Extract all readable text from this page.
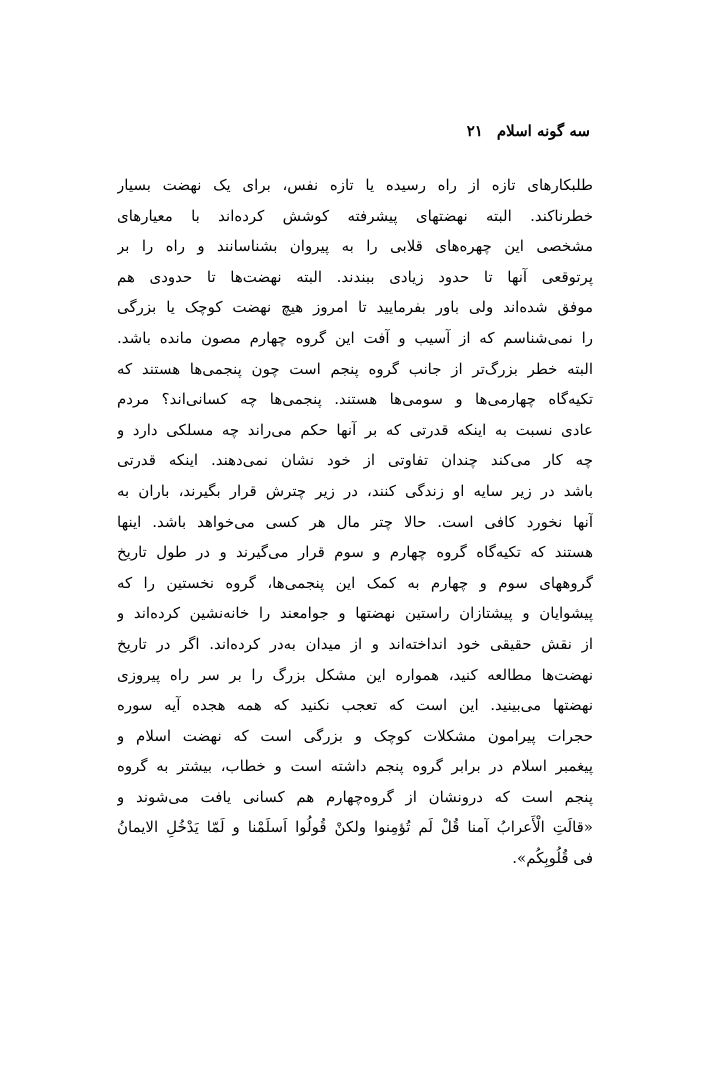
سه گونه اسلام۲۱
طلبکارهای تازه از راه رسیده یا تازه نفس، برای یک نهضت بسیار
خطرناکند. البته نهضتهای پیشرفته کوشش کرده‌اند با معیارهای
مشخصی این چهره‌های قلابی را به پیروان بشناسانند و راه را بر
پرتوقعی آنها تا حدود زیادی ببندند. البته نهضت‌ها تا حدودی هم
موفق شده‌اند ولی باور بفرمایید تا امروز هیچ نهضت کوچک یا بزرگی
را نمی‌شناسم که از آسیب و آفت این گروه چهارم مصون مانده باشد.
البته خطر بزرگ‌تر از جانب گروه پنجم است چون پنجمی‌ها هستند که
تکیه‌گاه چهارمی‌ها و سومی‌ها هستند. پنجمی‌ها چه کسانی‌اند؟ مردم
عادی نسبت به اینکه قدرتی که بر آنها حکم می‌راند چه مسلکی دارد و
چه کار می‌کند چندان تفاوتی از خود نشان نمی‌دهند. اینکه قدرتی
باشد در زیر سایه او زندگی کنند، در زیر چترش قرار بگیرند، باران به
آنها نخورد کافی است. حالا چتر مال هر کسی می‌خواهد باشد. اینها
هستند که تکیه‌گاه گروه چهارم و سوم قرار می‌گیرند و در طول تاریخ
گروههای سوم و چهارم به کمک این پنجمی‌ها، گروه نخستین را که
پیشوایان و پیشتازان راستین نهضتها و جوامعند را خانه‌نشین کرده‌اند و
از نقش حقیقی خود انداخته‌اند و از میدان به‌در کرده‌اند. اگر در تاریخ
نهضت‌ها مطالعه کنید، همواره این مشکل بزرگ را بر سر راه پیروزی
نهضتها می‌بینید. این است که تعجب نکنید که همه هجده آیه سوره
حجرات پیرامون مشکلات کوچک و بزرگی است که نهضت اسلام و
پیغمبر اسلام در برابر گروه پنجم داشته است و خطاب، بیشتر به گروه
پنجم است که درونشان از گروه‌چهارم هم کسانی یافت می‌شوند و
«قالَتِ الْأَعرابُ آمنا قُلْ لَم تُؤمِنوا ولکنْ قُولُوا اَسلَمْنا و لَمّا یَدْخُلِ الایمانُ
فی قُلُوبِکُم».
